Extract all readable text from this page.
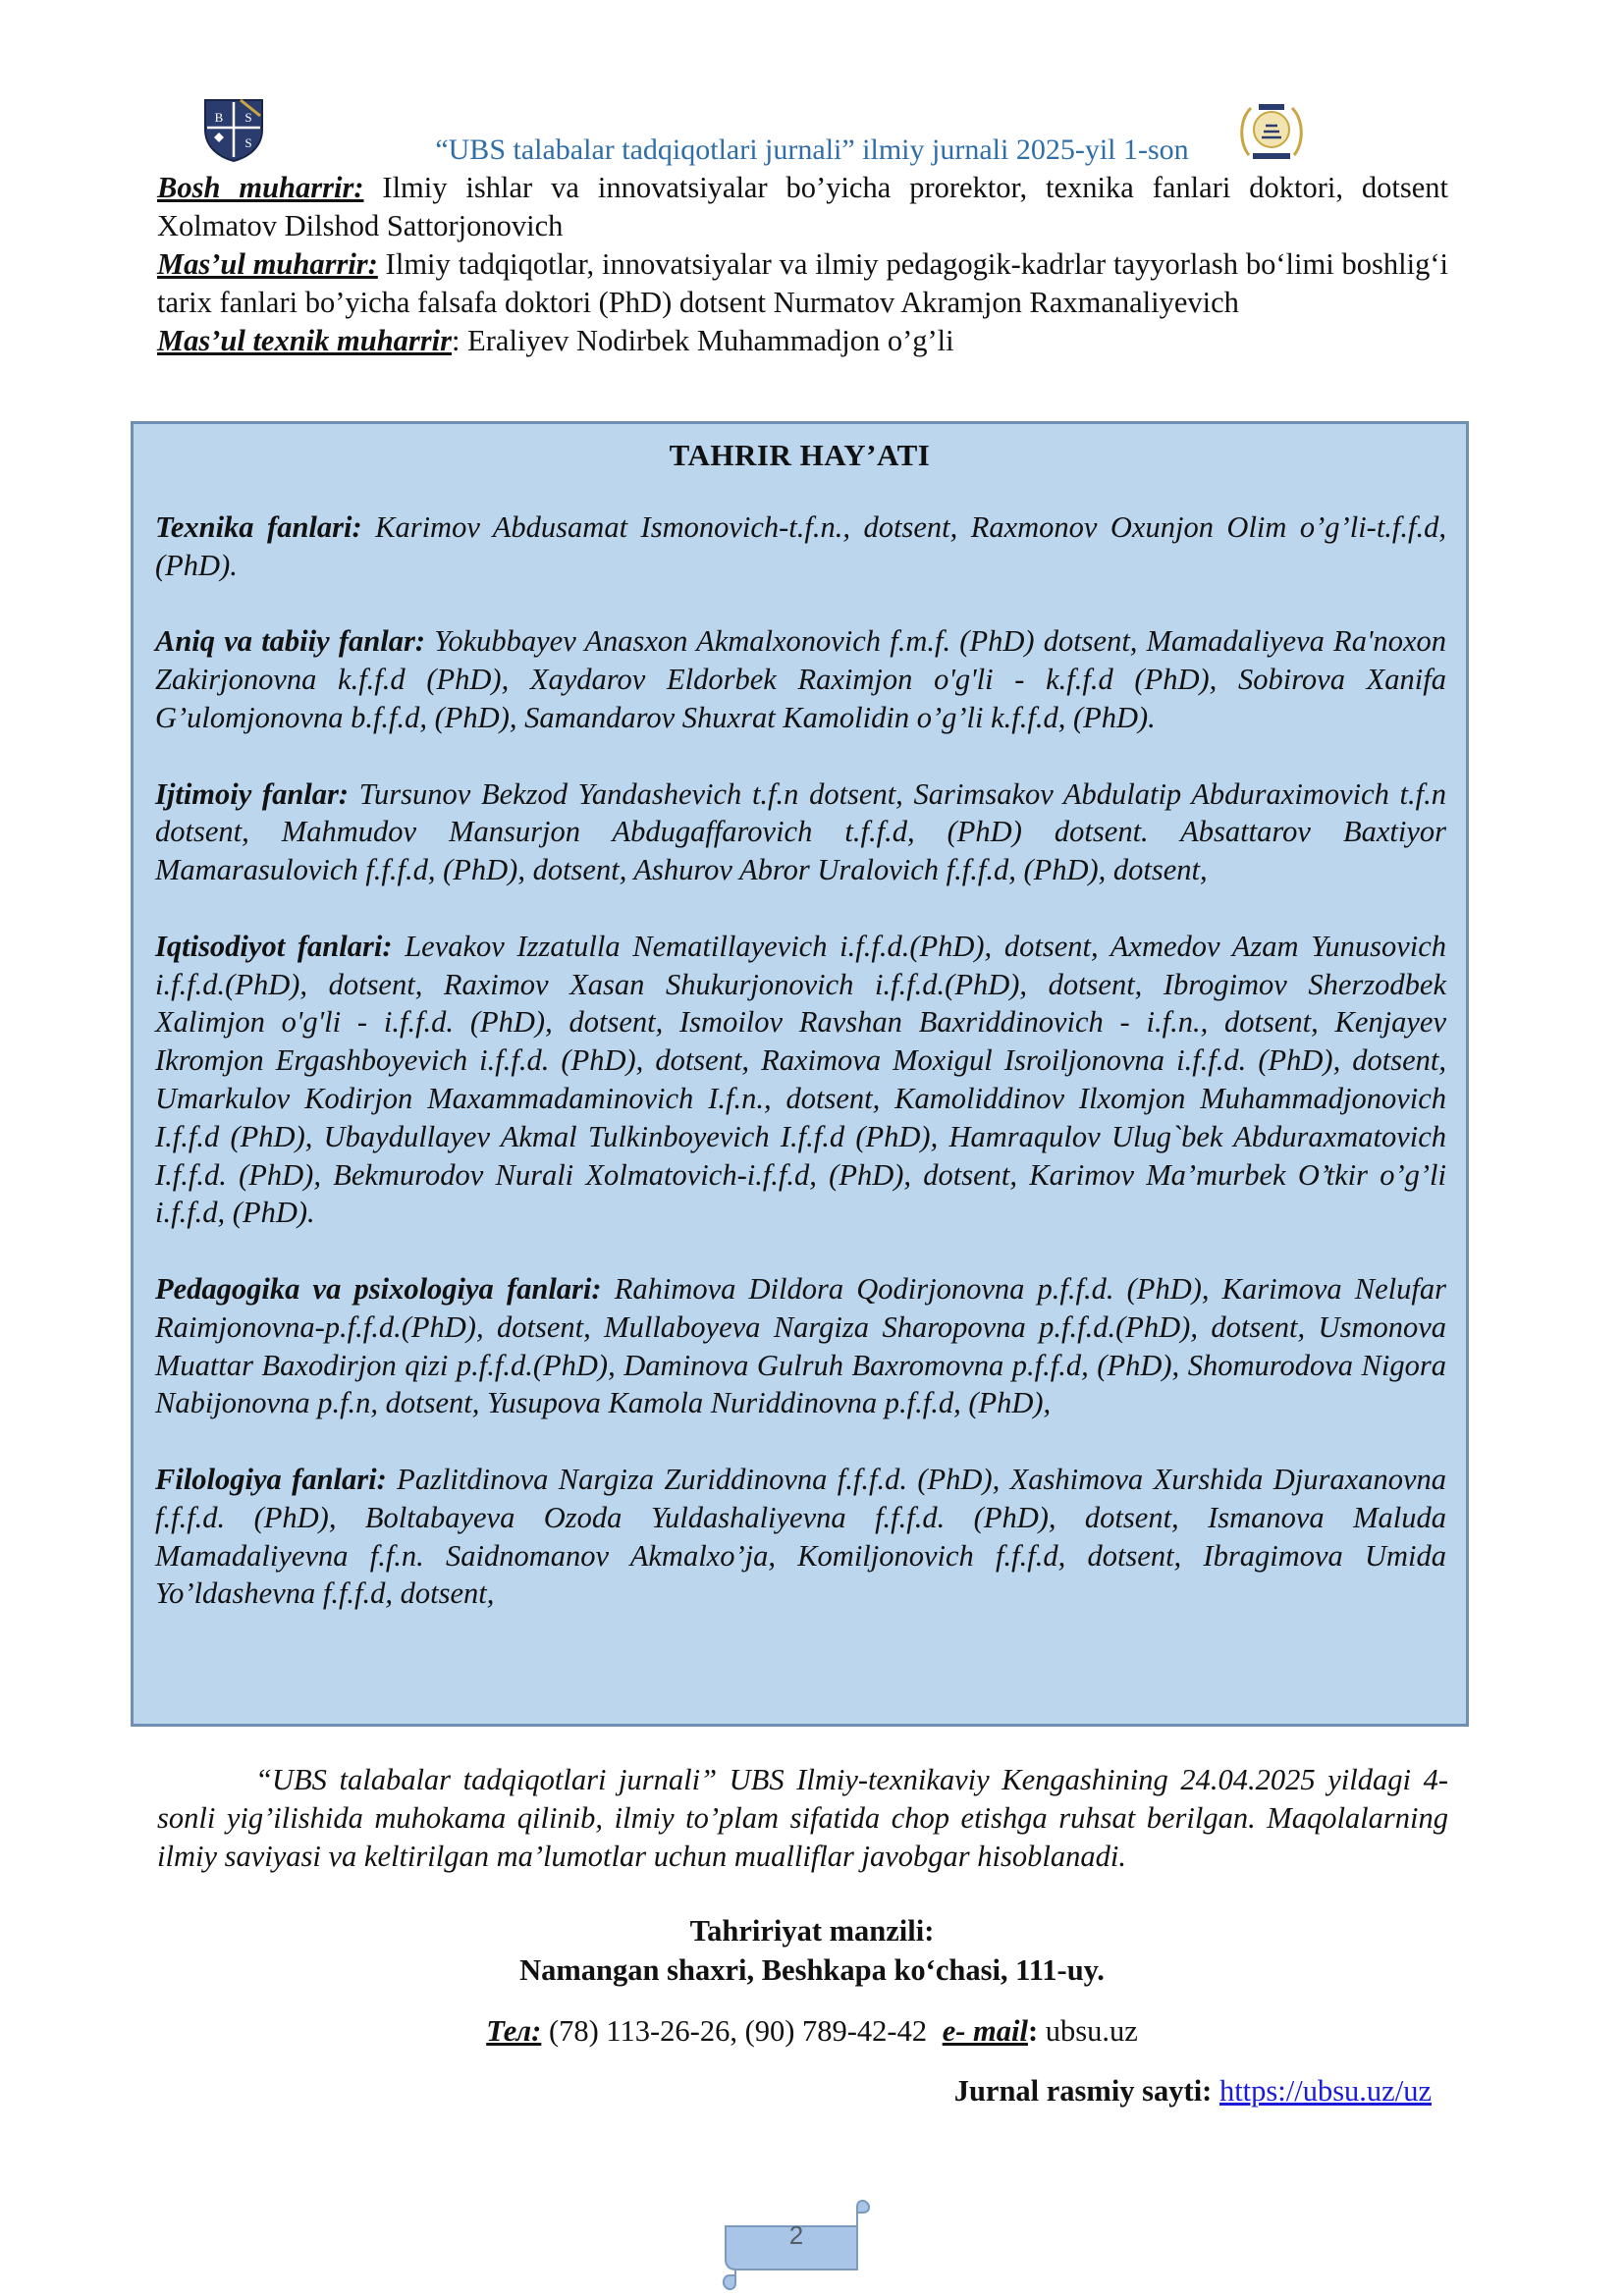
B S
S	“UBS talabalar tadqiqotlari jurnali” ilmiy jurnali 2025-yil 1-son

Bosh muharrir: Ilmiy ishlar va innovatsiyalar bo’yicha prorektor, texnika fanlari doktori, dotsent Xolmatov Dilshod Sattorjonovich

Mas’ul muharrir: Ilmiy tadqiqotlar, innovatsiyalar va ilmiy pedagogik-kadrlar tayyorlash bo‘limi boshlig‘i tarix fanlari bo’yicha falsafa doktori (PhD) dotsent Nurmatov Akramjon Raxmanaliyevich

Mas’ul texnik muharrir: Eraliyev Nodirbek Muhammadjon o’g’li

TAHRIR HAY’ATI

Texnika fanlari: Karimov Abdusamat Ismonovich-t.f.n., dotsent, Raxmonov Oxunjon Olim o’g’li-t.f.f.d, (PhD).

Aniq va tabiiy fanlar: Yokubbayev Anasxon Akmalxonovich f.m.f. (PhD) dotsent, Mamadaliyeva Ra'noxon Zakirjonovna k.f.f.d (PhD), Xaydarov Eldorbek Raximjon o'g'li - k.f.f.d (PhD), Sobirova Xanifa G’ulomjonovna b.f.f.d, (PhD), Samandarov Shuxrat Kamolidin o’g’li k.f.f.d, (PhD).

Ijtimoiy fanlar: Tursunov Bekzod Yandashevich t.f.n dotsent, Sarimsakov Abdulatip Abduraximovich t.f.n dotsent, Mahmudov Mansurjon Abdugaffarovich t.f.f.d, (PhD) dotsent. Absattarov Baxtiyor Mamarasulovich f.f.f.d, (PhD), dotsent, Ashurov Abror Uralovich f.f.f.d, (PhD), dotsent,

Iqtisodiyot fanlari: Levakov Izzatulla Nematillayevich i.f.f.d.(PhD), dotsent, Axmedov Azam Yunusovich i.f.f.d.(PhD), dotsent, Raximov Xasan Shukurjonovich i.f.f.d.(PhD), dotsent, Ibrogimov Sherzodbek Xalimjon o'g'li - i.f.f.d. (PhD), dotsent, Ismoilov Ravshan Baxriddinovich - i.f.n., dotsent, Kenjayev Ikromjon Ergashboyevich i.f.f.d. (PhD), dotsent, Raximova Moxigul Isroiljonovna i.f.f.d. (PhD), dotsent, Umarkulov Kodirjon Maxammadaminovich I.f.n., dotsent, Kamoliddinov Ilxomjon Muhammadjonovich I.f.f.d (PhD), Ubaydullayev Akmal Tulkinboyevich I.f.f.d (PhD), Hamraqulov Ulug`bek Abduraxmatovich I.f.f.d. (PhD), Bekmurodov Nurali Xolmatovich-i.f.f.d, (PhD), dotsent, Karimov Ma’murbek O’tkir o’g’li i.f.f.d, (PhD).

Pedagogika va psixologiya fanlari: Rahimova Dildora Qodirjonovna p.f.f.d. (PhD), Karimova Nelufar Raimjonovna-p.f.f.d.(PhD), dotsent, Mullaboyeva Nargiza Sharopovna p.f.f.d.(PhD), dotsent, Usmonova Muattar Baxodirjon qizi p.f.f.d.(PhD), Daminova Gulruh Baxromovna p.f.f.d, (PhD), Shomurodova Nigora Nabijonovna p.f.n, dotsent, Yusupova Kamola Nuriddinovna p.f.f.d, (PhD),

Filologiya fanlari: Pazlitdinova Nargiza Zuriddinovna f.f.f.d. (PhD), Xashimova Xurshida Djuraxanovna f.f.f.d. (PhD), Boltabayeva Ozoda Yuldashaliyevna f.f.f.d. (PhD), dotsent, Ismanova Maluda Mamadaliyevna f.f.n. Saidnomanov Akmalxo’ja, Komiljonovich f.f.f.d, dotsent, Ibragimova Umida Yo’ldashevna f.f.f.d, dotsent,

“UBS talabalar tadqiqotlari jurnali” UBS Ilmiy-texnikaviy Kengashining 24.04.2025 yildagi 4-sonli yig’ilishida muhokama qilinib, ilmiy to’plam sifatida chop etishga ruhsat berilgan. Maqolalarning ilmiy saviyasi va keltirilgan ma’lumotlar uchun mualliflar javobgar hisoblanadi.

Tahririyat manzili:

Namangan shaxri, Beshkapa ko‘chasi, 111-uy.

Тел: (78) 113-26-26, (90) 789-42-42 e- mail: ubsu.uz
Jurnal rasmiy sayti: https://ubsu.uz/uz
2
